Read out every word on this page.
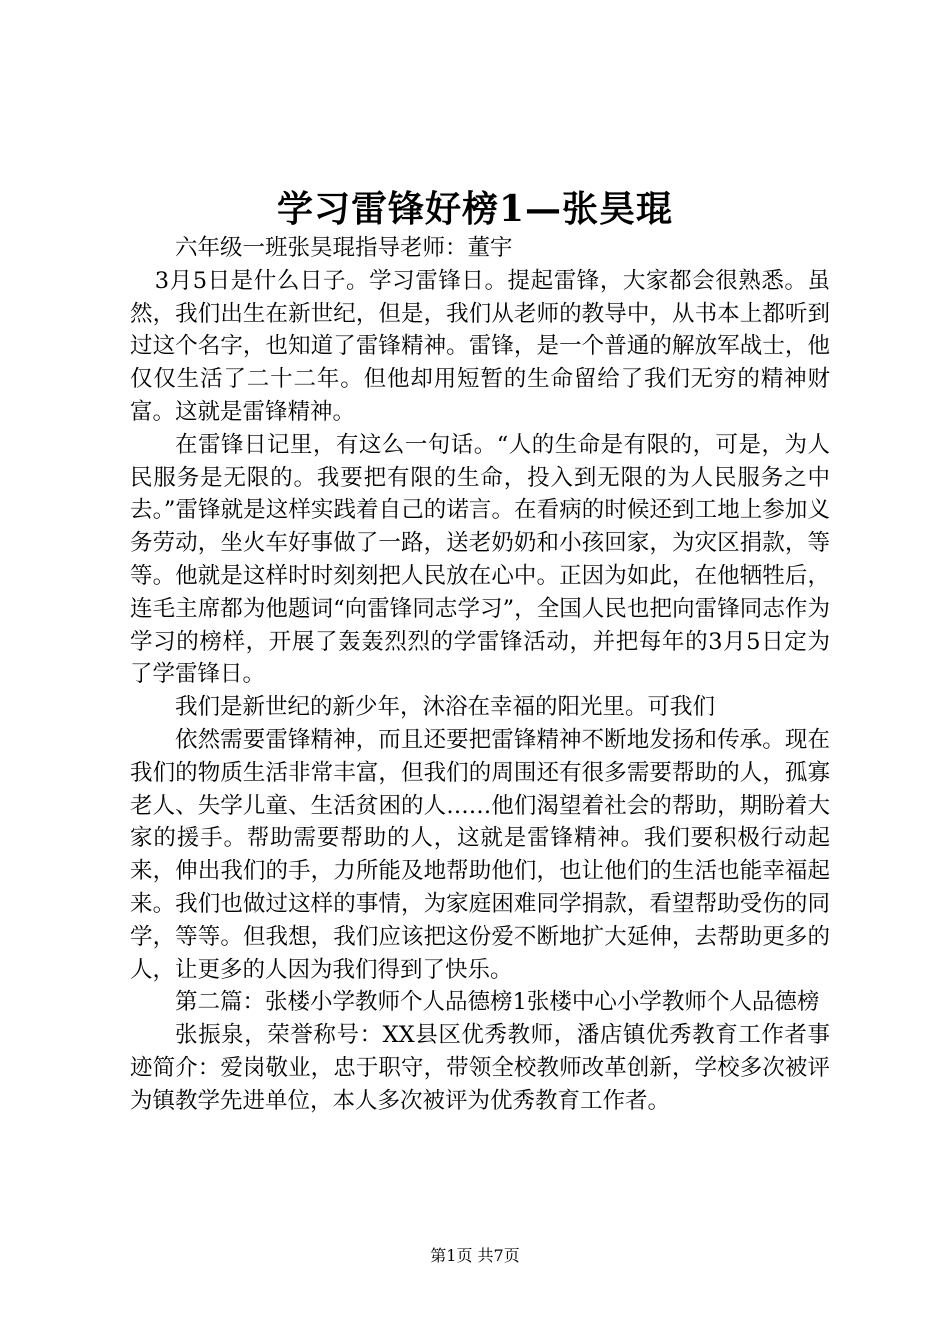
学习雷锋好榜1—张昊琨

六年级一班张昊琨指导老师：董宇

3月5日是什么日子。学习雷锋日。提起雷锋，大家都会很熟悉。虽然，我们出生在新世纪，但是，我们从老师的教导中，从书本上都听到过这个名字，也知道了雷锋精神。雷锋，是一个普通的解放军战士，他仅仅生活了二十二年。但他却用短暂的生命留给了我们无穷的精神财富。这就是雷锋精神。

在雷锋日记里，有这么一句话。“人的生命是有限的，可是，为人民服务是无限的。我要把有限的生命，投入到无限的为人民服务之中去。”雷锋就是这样实践着自己的诺言。在看病的时候还到工地上参加义务劳动，坐火车好事做了一路，送老奶奶和小孩回家，为灾区捐款，等等。他就是这样时时刻刻把人民放在心中。正因为如此，在他牺牲后，连毛主席都为他题词“向雷锋同志学习”，全国人民也把向雷锋同志作为学习的榜样，开展了轰轰烈烈的学雷锋活动，并把每年的3月5日定为了学雷锋日。

我们是新世纪的新少年，沐浴在幸福的阳光里。可我们

依然需要雷锋精神，而且还要把雷锋精神不断地发扬和传承。现在我们的物质生活非常丰富，但我们的周围还有很多需要帮助的人，孤寡老人、失学儿童、生活贫困的人……他们渴望着社会的帮助，期盼着大家的援手。帮助需要帮助的人，这就是雷锋精神。我们要积极行动起来，伸出我们的手，力所能及地帮助他们，也让他们的生活也能幸福起来。我们也做过这样的事情，为家庭困难同学捐款，看望帮助受伤的同学，等等。但我想，我们应该把这份爱不断地扩大延伸，去帮助更多的人，让更多的人因为我们得到了快乐。

第二篇：张楼小学教师个人品德榜1张楼中心小学教师个人品德榜

张振泉，荣誉称号：XX县区优秀教师，潘店镇优秀教育工作者事迹简介：爱岗敬业，忠于职守，带领全校教师改革创新，学校多次被评为镇教学先进单位，本人多次被评为优秀教育工作者。

第1页 共7页
